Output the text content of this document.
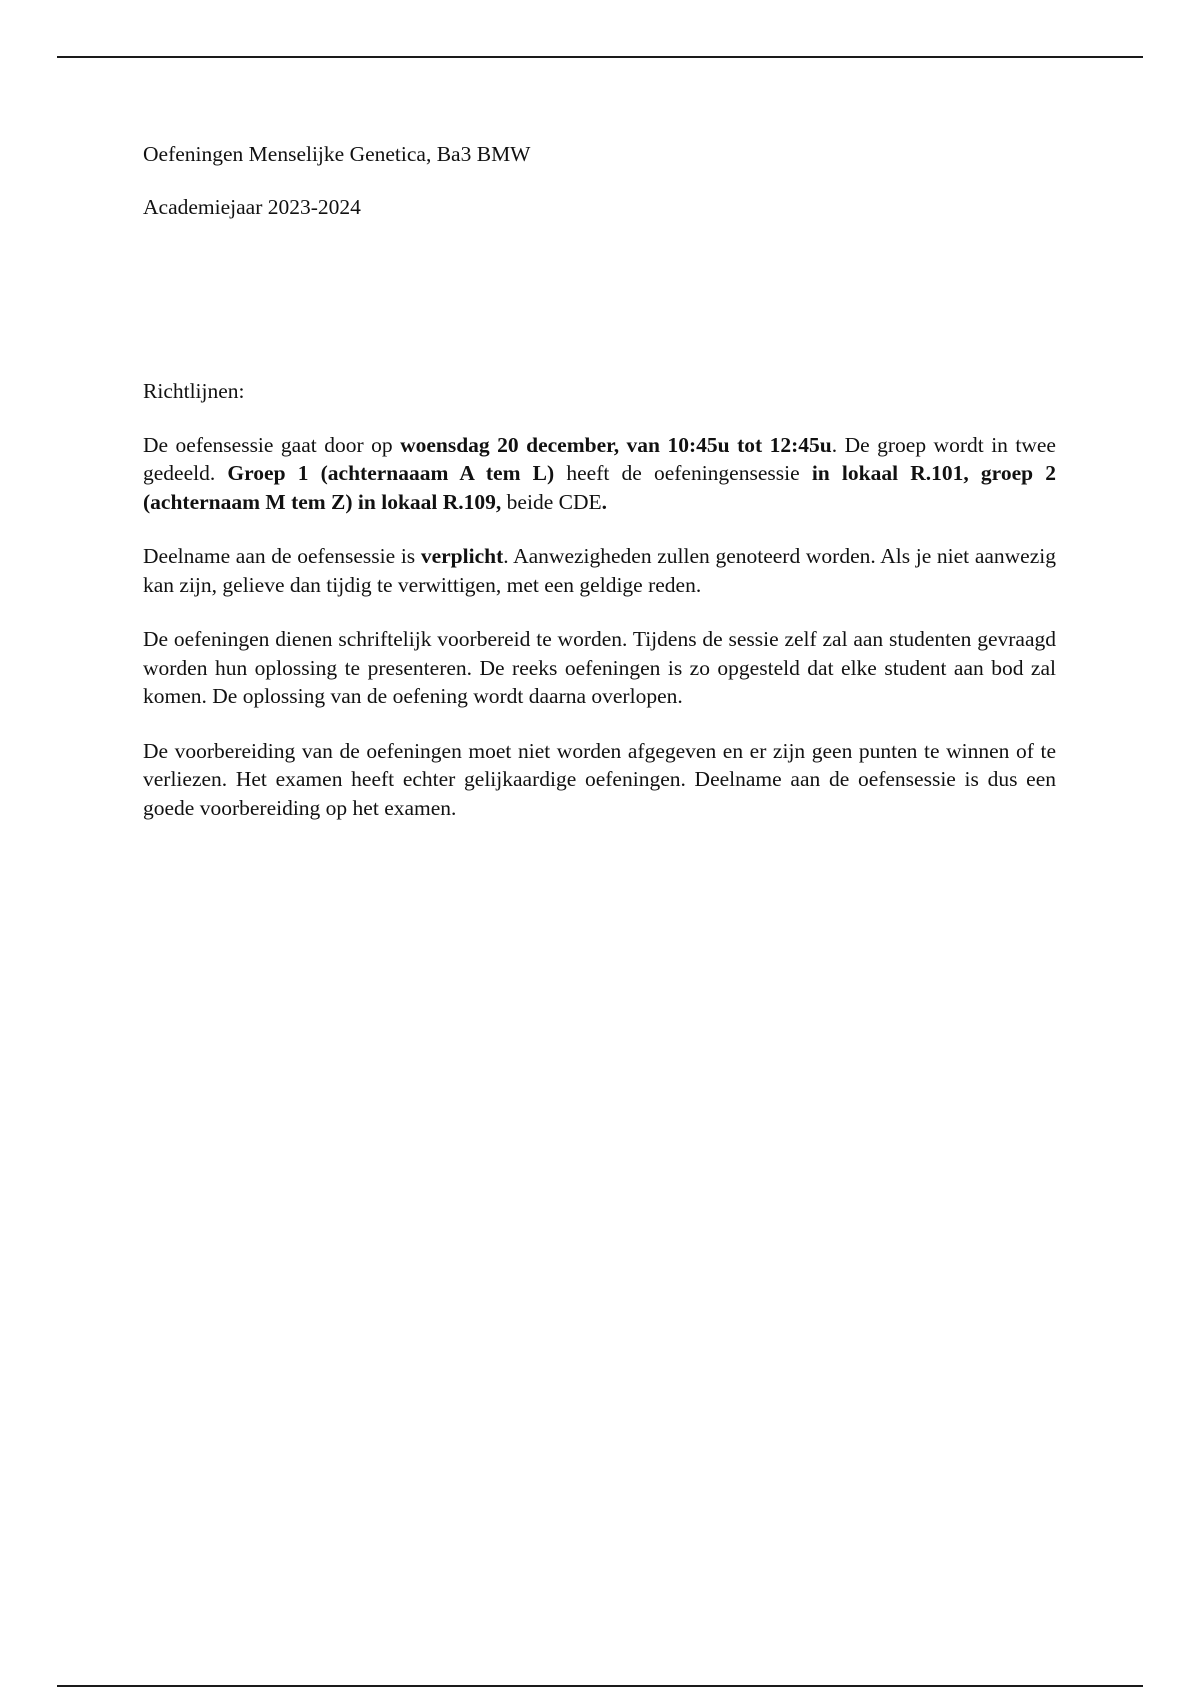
Oefeningen Menselijke Genetica, Ba3 BMW

Academiejaar 2023-2024

Richtlijnen:

De oefensessie gaat door op woensdag 20 december, van 10:45u tot 12:45u. De groep wordt in twee gedeeld. Groep 1 (achternaaam A tem L) heeft de oefeningensessie in lokaal R.101, groep 2 (achternaam M tem Z) in lokaal R.109, beide CDE.

Deelname aan de oefensessie is verplicht. Aanwezigheden zullen genoteerd worden. Als je niet aanwezig kan zijn, gelieve dan tijdig te verwittigen, met een geldige reden.

De oefeningen dienen schriftelijk voorbereid te worden. Tijdens de sessie zelf zal aan studenten gevraagd worden hun oplossing te presenteren. De reeks oefeningen is zo opgesteld dat elke student aan bod zal komen. De oplossing van de oefening wordt daarna overlopen.

De voorbereiding van de oefeningen moet niet worden afgegeven en er zijn geen punten te winnen of te verliezen. Het examen heeft echter gelijkaardige oefeningen. Deelname aan de oefensessie is dus een goede voorbereiding op het examen.
